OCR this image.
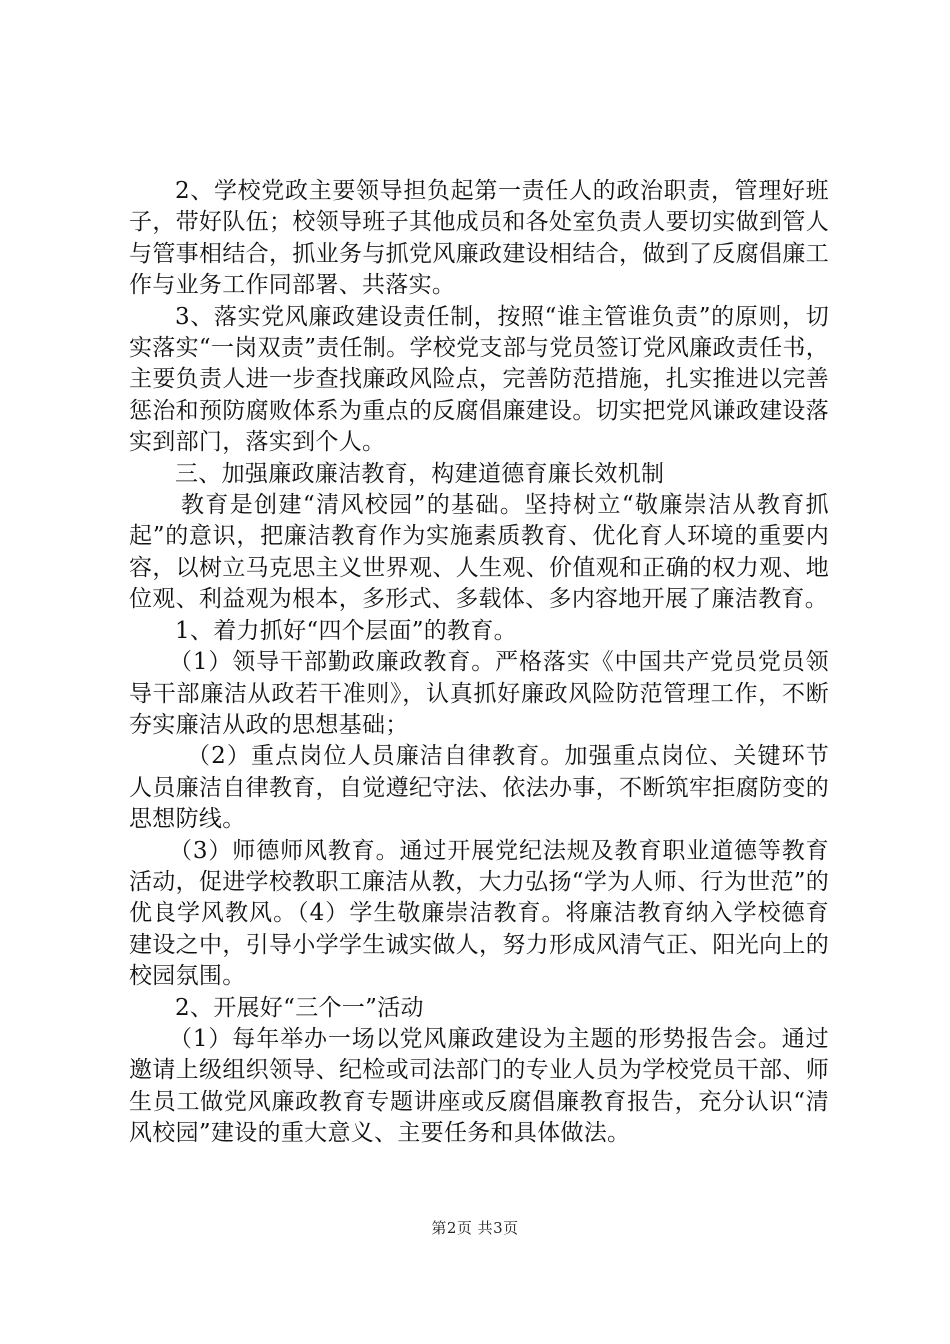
2、学校党政主要领导担负起第一责任人的政治职责，管理好班子，带好队伍；校领导班子其他成员和各处室负责人要切实做到管人与管事相结合，抓业务与抓党风廉政建设相结合，做到了反腐倡廉工作与业务工作同部署、共落实。

3、落实党风廉政建设责任制，按照“谁主管谁负责”的原则，切实落实“一岗双责”责任制。学校党支部与党员签订党风廉政责任书，主要负责人进一步查找廉政风险点，完善防范措施，扎实推进以完善惩治和预防腐败体系为重点的反腐倡廉建设。切实把党风谦政建设落实到部门，落实到个人。

三、加强廉政廉洁教育，构建道德育廉长效机制

教育是创建“清风校园”的基础。坚持树立“敬廉崇洁从教育抓起”的意识，把廉洁教育作为实施素质教育、优化育人环境的重要内容，以树立马克思主义世界观、人生观、价值观和正确的权力观、地位观、利益观为根本，多形式、多载体、多内容地开展了廉洁教育。

1、着力抓好“四个层面”的教育。

（1）领导干部勤政廉政教育。严格落实《中国共产党员党员领导干部廉洁从政若干准则》，认真抓好廉政风险防范管理工作，不断夯实廉洁从政的思想基础；

（2）重点岗位人员廉洁自律教育。加强重点岗位、关键环节人员廉洁自律教育，自觉遵纪守法、依法办事，不断筑牢拒腐防变的思想防线。

（3）师德师风教育。通过开展党纪法规及教育职业道德等教育活动，促进学校教职工廉洁从教，大力弘扬“学为人师、行为世范”的优良学风教风。（4）学生敬廉崇洁教育。将廉洁教育纳入学校德育建设之中，引导小学学生诚实做人，努力形成风清气正、阳光向上的校园氛围。

2、开展好“三个一”活动

（1）每年举办一场以党风廉政建设为主题的形势报告会。通过邀请上级组织领导、纪检或司法部门的专业人员为学校党员干部、师生员工做党风廉政教育专题讲座或反腐倡廉教育报告，充分认识“清风校园”建设的重大意义、主要任务和具体做法。

第2页 共3页
